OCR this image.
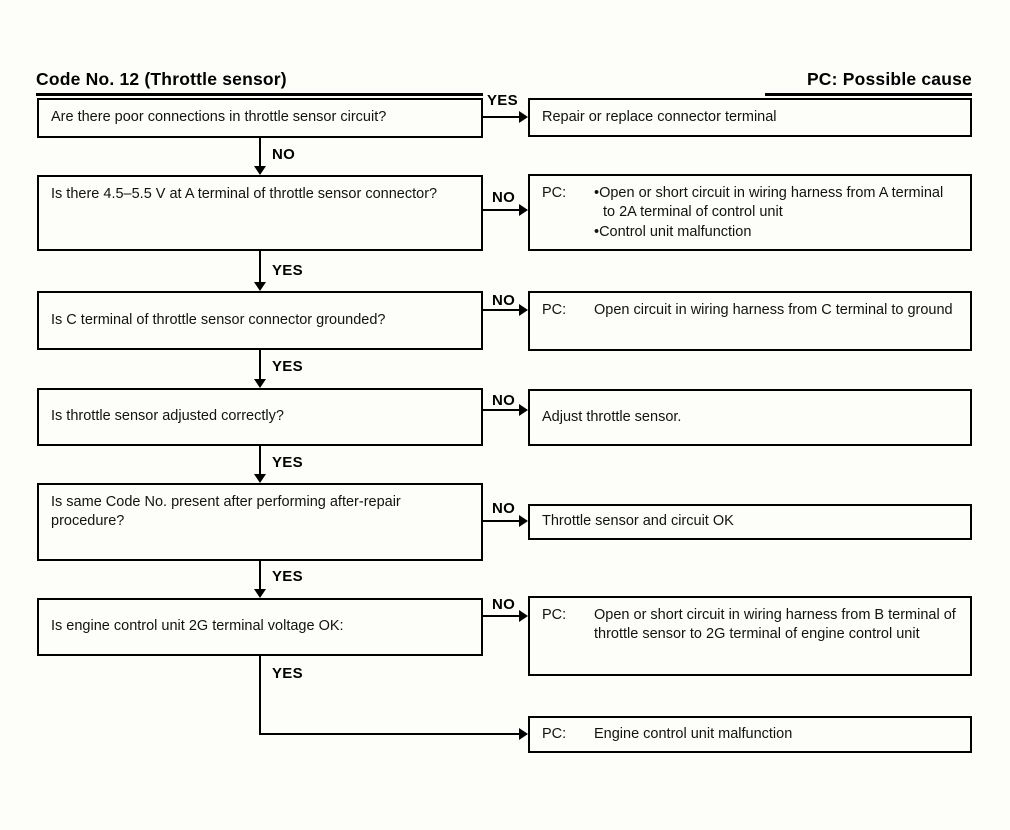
Code No. 12 (Throttle sensor)	PC: Possible cause
Are there poor connections in throttle sensor circuit?
Is there 4.5–5.5 V at A terminal of throttle sensor connector?
Is C terminal of throttle sensor connector grounded?
Is throttle sensor adjusted correctly?
Is same Code No. present after performing after-repair procedure?
Is engine control unit 2G terminal voltage OK:
Repair or replace connector terminal
PC:	•Open or short circuit in wiring harness from A terminal to 2A terminal of control unit
•Control unit malfunction
PC:	Open circuit in wiring harness from C terminal to ground
Adjust throttle sensor.
Throttle sensor and circuit OK
PC:	Open or short circuit in wiring harness from B terminal of throttle sensor to 2G terminal of engine control unit
PC:	Engine control unit malfunction
YES
NO
NO
NO
NO
NO
NO
YES
YES
YES
YES
YES
